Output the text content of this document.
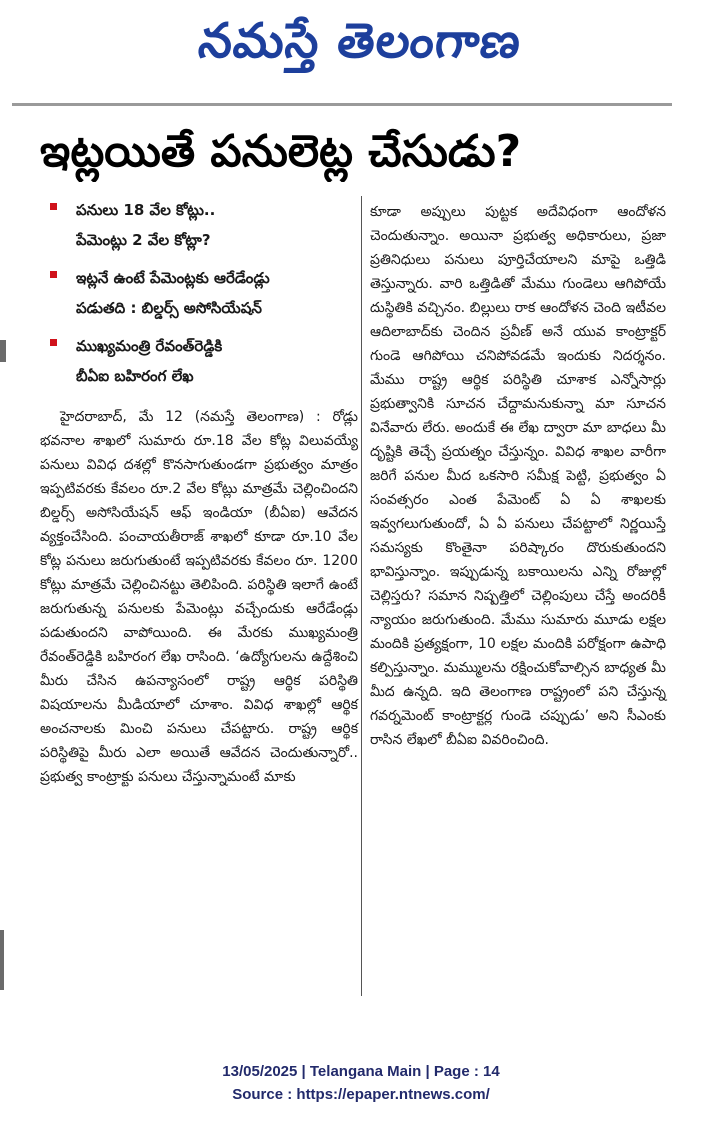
నమస్తే తెలంగాణ
ఇట్లయితే పనులెట్ల చేసుడు?
పనులు 18 వేల కోట్లు..
పేమెంట్లు 2 వేల కోట్లా?
ఇట్లనే ఉంటే పేమెంట్లకు ఆరేడేండ్లు
పడుతది : బిల్డర్స్ అసోసియేషన్
ముఖ్యమంత్రి రేవంత్‌రెడ్డికి
బీఏఐ బహిరంగ లేఖ

హైదరాబాద్, మే 12 (నమస్తే తెలంగాణ) : రోడ్లు భవనాల శాఖలో సుమారు రూ.18 వేల కోట్ల విలువయ్యే పనులు వివిధ దశల్లో కొనసాగుతుండగా ప్రభుత్వం మాత్రం ఇప్పటివరకు కేవలం రూ.2 వేల కోట్లు మాత్రమే చెల్లించిందని బిల్డర్స్ అసోసియేషన్ ఆఫ్ ఇండియా (బీఏఐ) ఆవేదన వ్యక్తంచేసింది. పంచాయతీరాజ్ శాఖలో కూడా రూ.10 వేల కోట్ల పనులు జరుగుతుంటే ఇప్పటివరకు కేవలం రూ. 1200 కోట్లు మాత్రమే చెల్లించినట్టు తెలిపింది. పరిస్థితి ఇలాగే ఉంటే జరుగుతున్న పనులకు పేమెంట్లు వచ్చేందుకు ఆరేడేండ్లు పడుతుందని వాపోయింది. ఈ మేరకు ముఖ్యమంత్రి రేవంత్‌రెడ్డికి బహిరంగ లేఖ రాసింది. ‘ఉద్యోగులను ఉద్దేశించి మీరు చేసిన ఉపన్యాసంలో రాష్ట్ర ఆర్థిక పరిస్థితి విషయాలను మీడియాలో చూశాం. వివిధ శాఖల్లో ఆర్థిక అంచనాలకు మించి పనులు చేపట్టారు. రాష్ట్ర ఆర్థిక పరిస్థితిపై మీరు ఎలా అయితే ఆవేదన చెందుతున్నారో.. ప్రభుత్వ కాంట్రాక్టు పనులు చేస్తున్నామంటే మాకు

కూడా అప్పులు పుట్టక అదేవిధంగా ఆందోళన చెందుతున్నాం. అయినా ప్రభుత్వ అధికారులు, ప్రజా ప్రతినిధులు పనులు పూర్తిచేయాలని మాపై ఒత్తిడి తెస్తున్నారు. వారి ఒత్తిడితో మేము గుండెలు ఆగిపోయే దుస్థితికి వచ్చినం. బిల్లులు రాక ఆందోళన చెంది ఇటీవల ఆదిలాబాద్‌కు చెందిన ప్రవీణ్ అనే యువ కాంట్రాక్టర్ గుండె ఆగిపోయి చనిపోవడమే ఇందుకు నిదర్శనం. మేము రాష్ట్ర ఆర్థిక పరిస్థితి చూశాక ఎన్నోసార్లు ప్రభుత్వానికి సూచన చేద్దామనుకున్నా మా సూచన వినేవారు లేరు. అందుకే ఈ లేఖ ద్వారా మా బాధలు మీ దృష్టికి తెచ్చే ప్రయత్నం చేస్తున్నం. వివిధ శాఖల వారీగా జరిగే పనుల మీద ఒకసారి సమీక్ష పెట్టి, ప్రభుత్వం ఏ సంవత్సరం ఎంత పేమెంట్ ఏ ఏ శాఖలకు ఇవ్వగలుగుతుందో, ఏ ఏ పనులు చేపట్టాలో నిర్ణయిస్తే సమస్యకు కొంతైనా పరిష్కారం దొరుకుతుందని భావిస్తున్నాం. ఇప్పుడున్న బకాయిలను ఎన్ని రోజుల్లో చెల్లిస్తరు? సమాన నిష్పత్తిలో చెల్లింపులు చేస్తే అందరికీ న్యాయం జరుగుతుంది. మేము సుమారు మూడు లక్షల మందికి ప్రత్యక్షంగా, 10 లక్షల మందికి పరోక్షంగా ఉపాధి కల్పిస్తున్నాం. మమ్ములను రక్షించుకోవాల్సిన బాధ్యత మీ మీద ఉన్నది. ఇది తెలంగాణ రాష్ట్రంలో పని చేస్తున్న గవర్నమెంట్ కాంట్రాక్టర్ల గుండె చప్పుడు’ అని సీఎంకు రాసిన లేఖలో బీఏఐ వివరించింది.

13/05/2025 | Telangana Main | Page : 14
Source : https://epaper.ntnews.com/
